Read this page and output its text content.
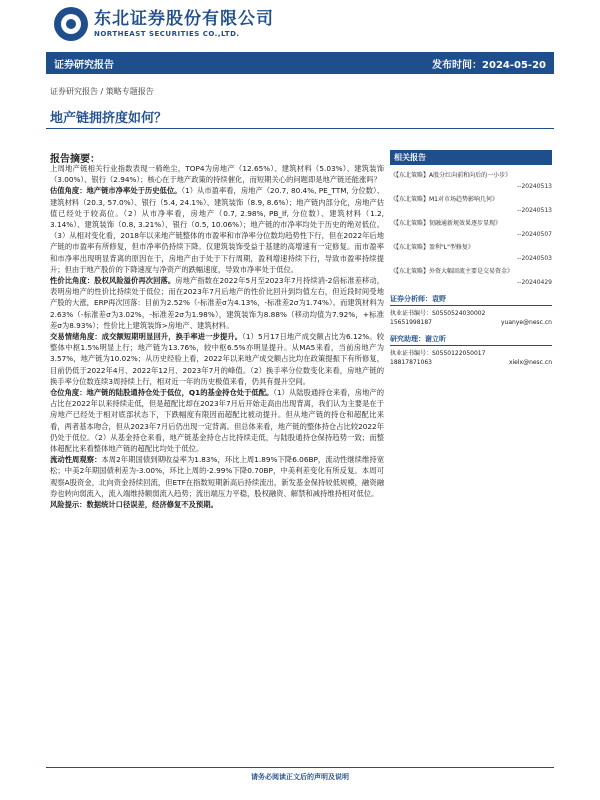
东北证券股份有限公司
NORTHEAST SECURITIES CO.,LTD.
证券研究报告	发布时间：2024-05-20
证券研究报告 / 策略专题报告
地产链拥挤度如何？
报告摘要：

上周地产链相关行业指数表现一骑绝尘，TOP4为房地产（12.65%）、建筑材料（5.03%）、建筑装饰（3.00%）、银行（2.94%）；核心在于地产政策的持续催化，而短期关心的问题即是地产链还能涨吗？

估值角度：地产链市净率处于历史低位。（1）从市盈率看，房地产（20.7, 80.4%, PE_TTM, 分位数）、建筑材料（20.3, 57.0%）、银行（5.4, 24.1%）、建筑装饰（8.9, 8.6%）；地产链内部分化，房地产估值已经处于较高位。（2）从市净率看，房地产（0.7, 2.98%, PB_lf, 分位数）、建筑材料（1.2, 3.14%）、建筑装饰（0.8, 3.21%）、银行（0.5, 10.06%）；地产链的市净率均处于历史的绝对低位。（3）从相对变化看，2018年以来地产链整体的市盈率和市净率分位数均趋势性下行，但在2022年后地产链的市盈率有所修复，但市净率仍持续下降。仅建筑装饰受益于基建的高增速有一定修复。而市盈率和市净率出现明显背离的原因在于，房地产由于处于下行周期，盈利增速持续下行，导致市盈率持续提升；但由于地产股价的下降速度与净资产的跌幅速度，导致市净率处于低位。

性价比角度：股权风险溢价再次回落。房地产指数在2022年5月至2023年7月持续消-2倍标准差移动，表明房地产的性价比持续处于低位；而在2023年7月后地产的性价比回升到均值左右，但近段时间受地产股的大涨，ERP再次回落：目前为2.52%（-标准差σ为4.13%，-标准差2σ为1.74%）。而建筑材料为2.63%（-标准差σ为3.02%，-标准差2σ为1.98%），建筑装饰为8.88%（移动均值为7.92%，+标准差σ为8.93%）；性价比上建筑装饰>房地产、建筑材料。

交易情绪角度：成交额短期明显回升，换手率进一步提升。（1）5月17日地产成交额占比为6.12%。较整体中枢1.5%明显上行；地产链为13.76%，较中枢6.5%亦明显提升。从MA5来看，当前房地产为3.57%，地产链为10.02%；从历史经验上看，2022年以来地产成交额占比均在政策提振下有所修复，目前仍低于2022年4月、2022年12月、2023年7月的峰值。（2）换手率分位数变化来看，房地产链的换手率分位数连续3周持续上行，相对近一年的历史极值来看，仍具有提升空间。

仓位角度：地产链的陆股通持仓处于低位，Q1的基金持仓处于低配。（1）从陆股通持仓来看，房地产的占比在2022年以来持续走低，但是超配比却在2023年7月后开始走高由出现背离，我们认为主要是在于房地产已经处于相对底部状态下，下跌幅度有限因而超配比被动提升。但从地产链的持仓和超配比来看，两者基本吻合，但从2023年7月后仍出现一定背离。但总体来看，地产链的整体持仓占比较2022年仍处于低位。（2）从基金持仓来看，地产链基金持仓占比持续走低，与陆股通持仓保持趋势一致；而整体超配比来看整体地产链的超配比均处于低位。

流动性周观察：本周2年期国债到期收益率为1.83%，环比上周1.89%下降6.06BP，流动性继续维持宽松；中美2年期国债利差为-3.00%，环比上周的-2.99%下降0.70BP，中美利差变化有所反复。本周可观察A股资金，北向资金持续回流，但ETF在指数短期新高后持续流出，新发基金保持较低规模，融资融券也转向弱流入，流入端维持额弱流入趋势；流出端压力平稳，股权融资、解禁和减持维持相对低位。

风险提示：数据统计口径误差，经济修复不及预期。

相关报告
《【东北策略】A股分红向前和向后的一小步》
--20240513
《【东北策略】M1对市场趋势影响几何》
--20240513
《【东北策略】韧融通新规效果逐步显现》
--20240507
《【东北策略】盈利"L"型修复》
--20240503
《【东北策略】外资大幅回流主要是交易资金》
--20240429
证券分析师：袁野
执业证书编号：S0550524030002
15651998187	yuanye@nesc.cn
研究助理：谢立昕
执业证书编号：S0550122050017
18817871063	xielx@nesc.cn
请务必阅读正文后的声明及说明
